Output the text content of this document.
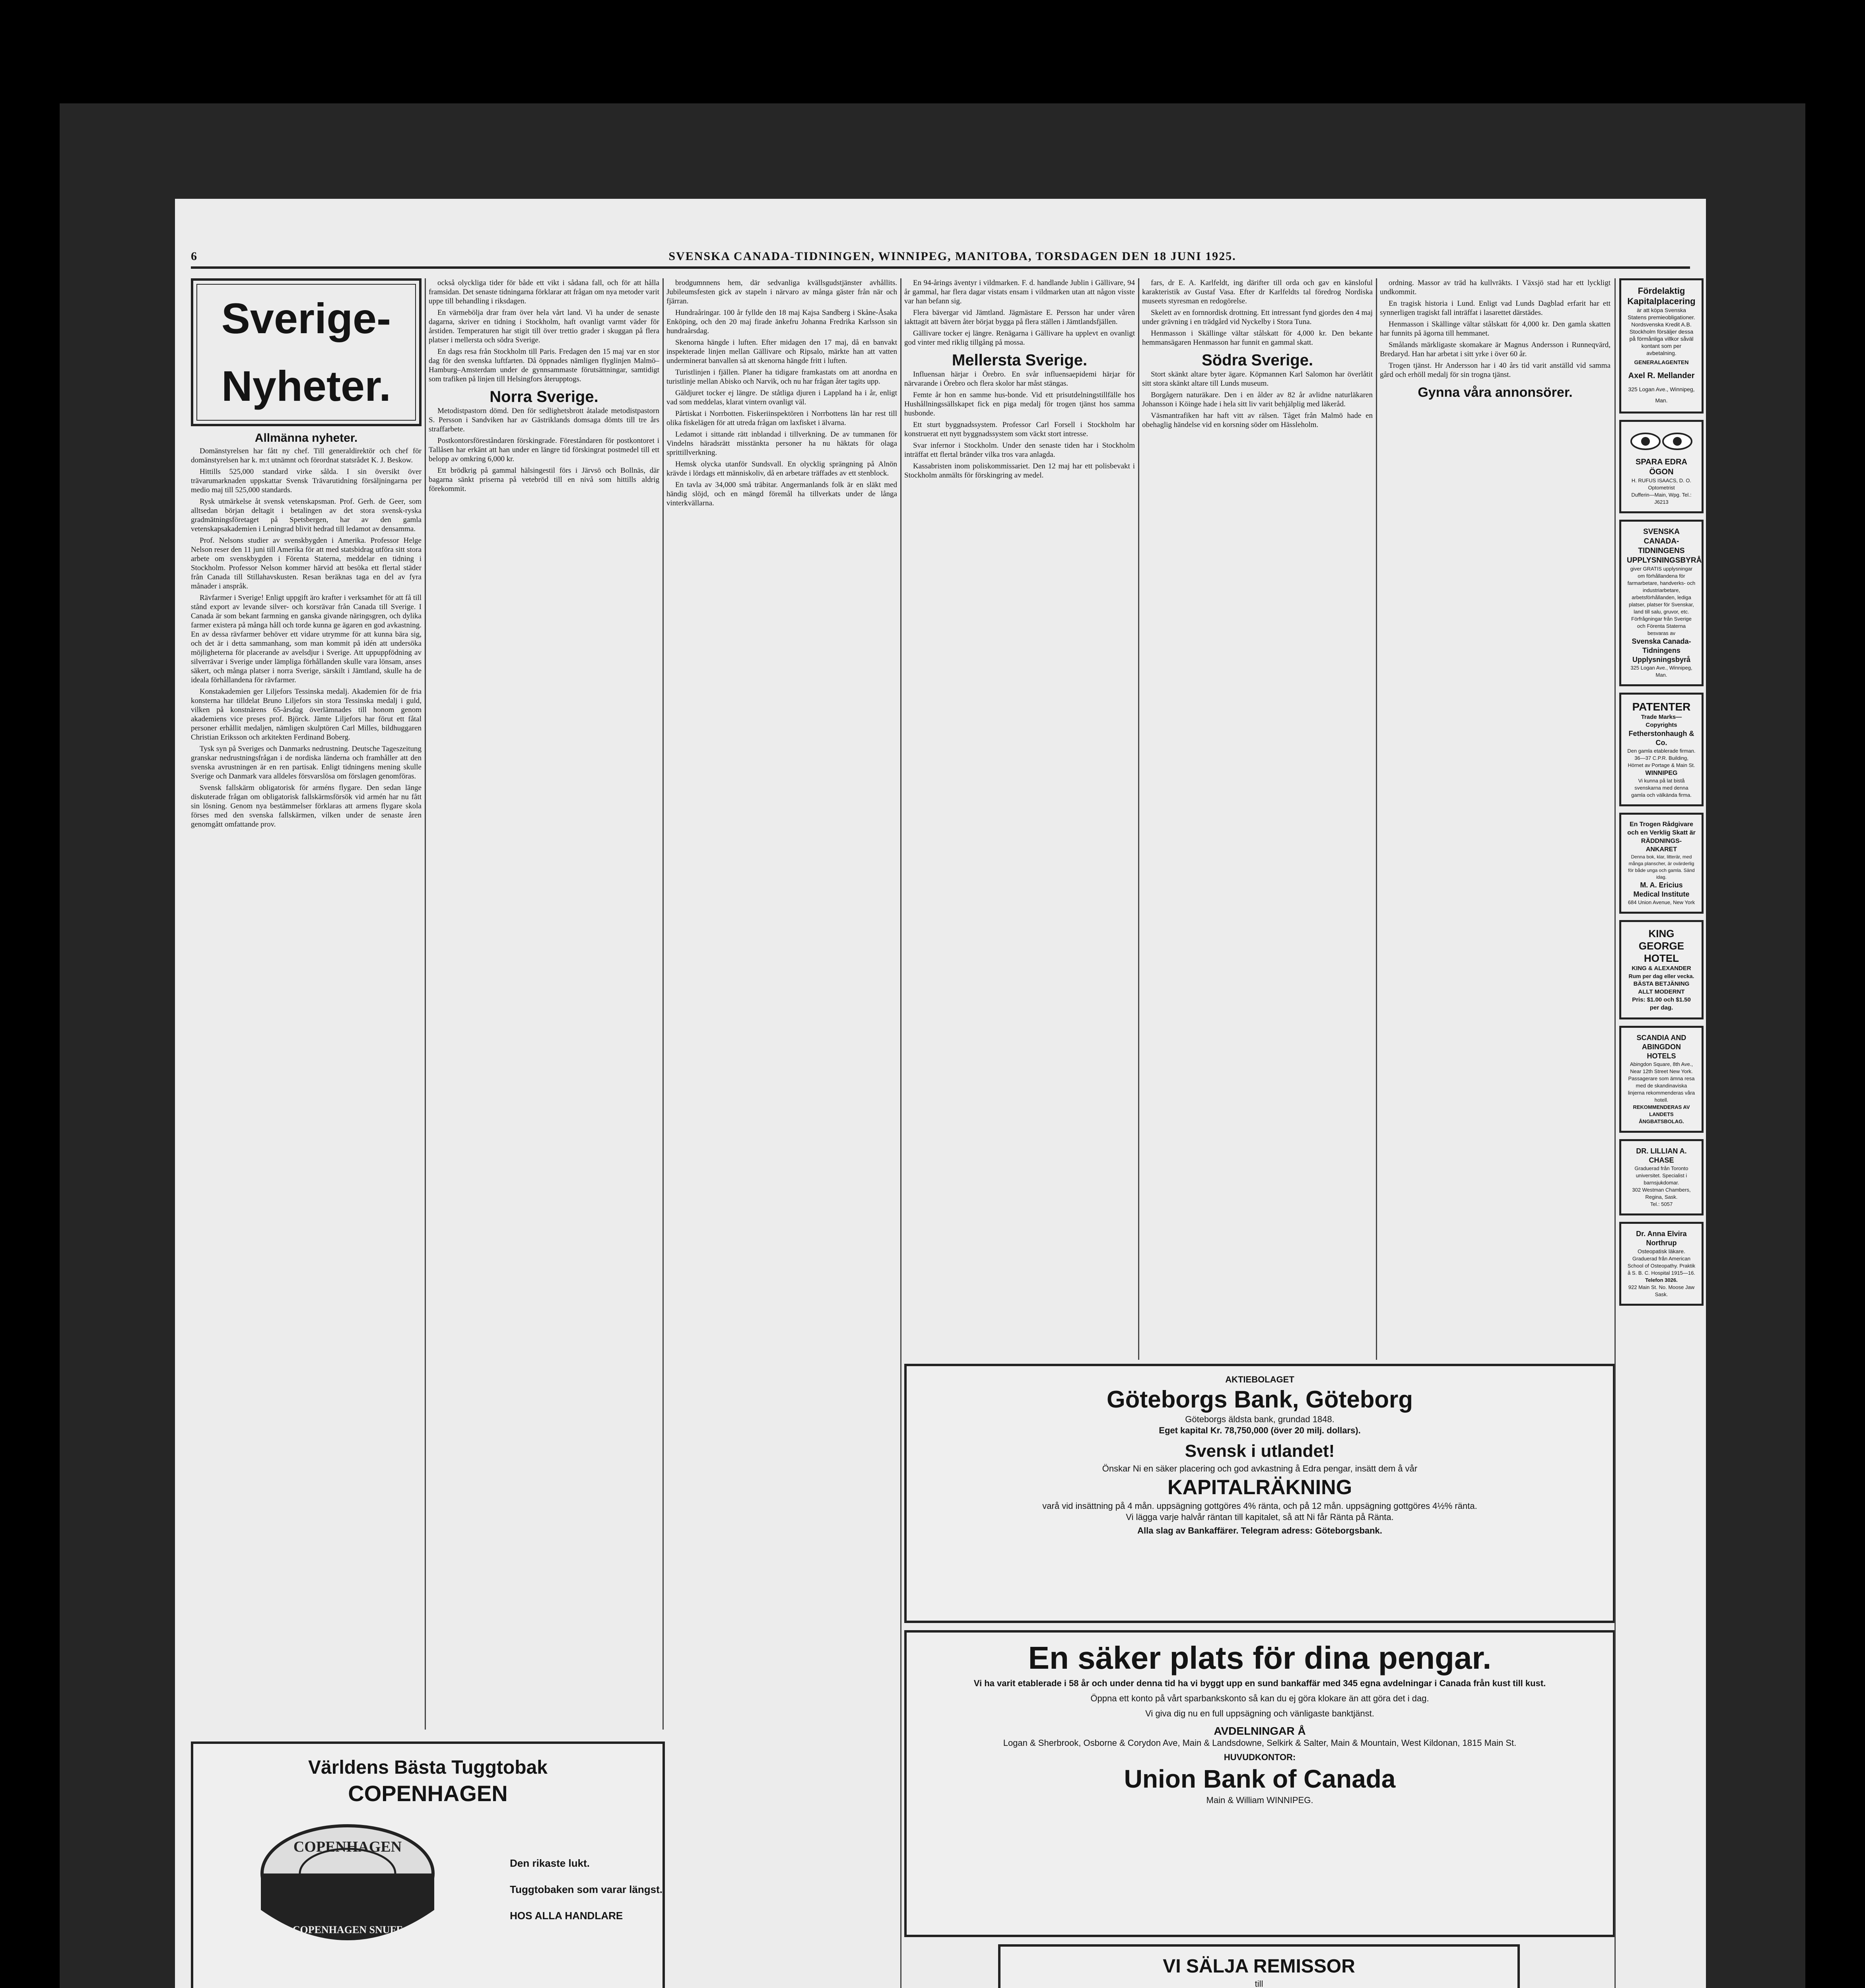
6	SVENSKA CANADA-TIDNINGEN, WINNIPEG, MANITOBA, TORSDAGEN DEN 18 JUNI 1925.
Sverige-Nyheter.
Allmänna nyheter.

Domänstyrelsen har fått ny chef. Till generaldirektör och chef för domänstyrelsen har k. m:t utnämnt och förordnat statsrådet K. J. Beskow.

Hittills 525,000 standard virke sålda. I sin översikt över trävarumarknaden uppskattar Svensk Trävarutidning försäljningarna per medio maj till 525,000 standards.

Rysk utmärkelse åt svensk vetenskapsman. Prof. Gerh. de Geer, som alltsedan början deltagit i betalingen av det stora svensk-ryska gradmätningsföretaget på Spetsbergen, har av den gamla vetenskapsakademien i Leningrad blivit hedrad till ledamot av densamma.

Prof. Nelsons studier av svenskbygden i Amerika. Professor Helge Nelson reser den 11 juni till Amerika för att med statsbidrag utföra sitt stora arbete om svenskbygden i Förenta Staterna, meddelar en tidning i Stockholm. Professor Nelson kommer härvid att besöka ett flertal städer från Canada till Stillahavskusten. Resan beräknas taga en del av fyra månader i anspråk.

Rävfarmer i Sverige! Enligt uppgift äro krafter i verksamhet för att få till stånd export av levande silver- och korsrävar från Canada till Sverige. I Canada är som bekant farmning en ganska givande näringsgren, och dylika farmer existera på många håll och torde kunna ge ägaren en god avkastning. En av dessa rävfarmer behöver ett vidare utrymme för att kunna bära sig, och det är i detta sammanhang, som man kommit på idén att undersöka möjligheterna för placerande av avelsdjur i Sverige. Att uppuppfödning av silverrävar i Sverige under lämpliga förhållanden skulle vara lönsam, anses säkert, och många platser i norra Sverige, särskilt i Jämtland, skulle ha de ideala förhållandena för rävfarmer.

Konstakademien ger Liljefors Tessinska medalj. Akademien för de fria konsterna har tilldelat Bruno Liljefors sin stora Tessinska medalj i guld, vilken på konstnärens 65-årsdag överlämnades till honom genom akademiens vice preses prof. Björck. Jämte Liljefors har förut ett fåtal personer erhållit medaljen, nämligen skulptören Carl Milles, bildhuggaren Christian Eriksson och arkitekten Ferdinand Boberg.

Tysk syn på Sveriges och Danmarks nedrustning. Deutsche Tageszeitung granskar nedrustningsfrågan i de nordiska länderna och framhåller att den svenska avrustningen är en ren partisak. Enligt tidningens mening skulle Sverige och Danmark vara alldeles försvarslösa om förslagen genomföras.

Svensk fallskärm obligatorisk för arméns flygare. Den sedan länge diskuterade frågan om obligatorisk fallskärmsförsök vid armén har nu fått sin lösning. Genom nya bestämmelser förklaras att armens flygare skola förses med den svenska fallskärmen, vilken under de senaste åren genomgått omfattande prov.

också olyckliga tider för både ett vikt i sådana fall, och för att hålla framsidan. Det senaste tidningarna förklarar att frågan om nya metoder varit uppe till behandling i riksdagen.

En värmebölja drar fram över hela vårt land. Vi ha under de senaste dagarna, skriver en tidning i Stockholm, haft ovanligt varmt väder för årstiden. Temperaturen har stigit till över trettio grader i skuggan på flera platser i mellersta och södra Sverige.

En dags resa från Stockholm till Paris. Fredagen den 15 maj var en stor dag för den svenska luftfarten. Då öppnades nämligen flyglinjen Malmö–Hamburg–Amsterdam under de gynnsammaste förutsättningar, samtidigt som trafiken på linjen till Helsingfors återupptogs.

Norra Sverige.

Metodistpastorn dömd. Den för sedlighetsbrott åtalade metodistpastorn S. Persson i Sandviken har av Gästriklands domsaga dömts till tre års straffarbete.

Postkontorsföreståndaren förskingrade. Föreståndaren för postkontoret i Tallåsen har erkänt att han under en längre tid förskingrat postmedel till ett belopp av omkring 6,000 kr.

Ett brödkrig på gammal hälsingestil förs i Järvsö och Bollnäs, där bagarna sänkt priserna på vetebröd till en nivå som hittills aldrig förekommit.

Världens Bästa Tuggtobak
COPENHAGEN
COPENHAGEN
SNUFF
COPENHAGEN SNUFF
Den rikaste lukt.
Tuggtobaken som varar längst.
HOS ALLA HANDLARE

brodgumnnens hem, där sedvanliga kvällsgudstjänster avhållits. Jubileumsfesten gick av stapeln i närvaro av många gäster från när och fjärran.

Hundraåringar. 100 år fyllde den 18 maj Kajsa Sandberg i Skåne-Åsaka Enköping, och den 20 maj firade änkefru Johanna Fredrika Karlsson sin hundraårsdag.

Skenorna hängde i luften. Efter midagen den 17 maj, då en banvakt inspekterade linjen mellan Gällivare och Ripsalo, märkte han att vatten underminerat banvallen så att skenorna hängde fritt i luften.

Turistlinjen i fjällen. Planer ha tidigare framkastats om att anordna en turistlinje mellan Abisko och Narvik, och nu har frågan åter tagits upp.

Gäldjuret tocker ej längre. De ståtliga djuren i Lappland ha i år, enligt vad som meddelas, klarat vintern ovanligt väl.

Pårtiskat i Norrbotten. Fiskeriinspektören i Norrbottens län har rest till olika fiskelägen för att utreda frågan om laxfisket i älvarna.

Ledamot i sittande rätt inblandad i tillverkning. De av tummanen för Vindelns häradsrätt misstänkta personer ha nu häktats för olaga sprittillverkning.

Hemsk olycka utanför Sundsvall. En olycklig sprängning på Alnön krävde i lördags ett människoliv, då en arbetare träffades av ett stenblock.

En tavla av 34,000 små träbitar. Angermanlands folk är en släkt med händig slöjd, och en mängd föremål ha tillverkats under de långa vinterkvällarna.

En 94-årings äventyr i vildmarken. F. d. handlande Jublin i Gällivare, 94 år gammal, har flera dagar vistats ensam i vildmarken utan att någon visste var han befann sig.

Flera bävergar vid Jämtland. Jägmästare E. Persson har under våren iakttagit att bävern åter börjat bygga på flera ställen i Jämtlandsfjällen.

Gällivare tocker ej längre. Renägarna i Gällivare ha upplevt en ovanligt god vinter med riklig tillgång på mossa.

Mellersta Sverige.

Influensan härjar i Örebro. En svår influensaepidemi härjar för närvarande i Örebro och flera skolor har måst stängas.

Femte år hon en samme hus-bonde. Vid ett prisutdelningstillfälle hos Hushållningssällskapet fick en piga medalj för trogen tjänst hos samma husbonde.

Ett sturt byggnadssystem. Professor Carl Forsell i Stockholm har konstruerat ett nytt byggnadssystem som väckt stort intresse.

Svar infernor i Stockholm. Under den senaste tiden har i Stockholm inträffat ett flertal bränder vilka tros vara anlagda.

Kassabristen inom poliskommissariet. Den 12 maj har ett polisbevakt i Stockholm anmälts för förskingring av medel.

fars, dr E. A. Karlfeldt, ing därifter till orda och gav en känsloful karakteristik av Gustaf Vasa. Efter dr Karlfeldts tal föredrog Nordiska museets styresman en redogörelse.

Skelett av en fornnordisk drottning. Ett intressant fynd gjordes den 4 maj under grävning i en trädgård vid Nyckelby i Stora Tuna.

Henmasson i Skällinge vältar stålskatt för 4,000 kr. Den bekante hemmansägaren Henmasson har funnit en gammal skatt.

Södra Sverige.

Stort skänkt altare byter ägare. Köpmannen Karl Salomon har överlåtit sitt stora skänkt altare till Lunds museum.

Borgågern naturäkare. Den i en ålder av 82 år avlidne naturläkaren Johansson i Köinge hade i hela sitt liv varit behjälplig med läkeråd.

Väsmantrafiken har haft vitt av rälsen. Tåget från Malmö hade en obehaglig händelse vid en korsning söder om Hässleholm.

ordning. Massor av träd ha kullvräkts. I Växsjö stad har ett lyckligt undkommit.

En tragisk historia i Lund. Enligt vad Lunds Dagblad erfarit har ett synnerligen tragiskt fall inträffat i lasarettet därstädes.

Henmasson i Skällinge vältar stålskatt för 4,000 kr. Den gamla skatten har funnits på ägorna till hemmanet.

Smålands märkligaste skomakare är Magnus Andersson i Runneqvärd, Bredaryd. Han har arbetat i sitt yrke i över 60 år.

Trogen tjänst. Hr Andersson har i 40 års tid varit anställd vid samma gård och erhöll medalj för sin trogna tjänst.

Gynna våra annonsörer.
AKTIEBOLAGET
Göteborgs Bank, Göteborg
Göteborgs äldsta bank, grundad 1848.
Eget kapital Kr. 78,750,000 (över 20 milj. dollars).
Svensk i utlandet!
Önskar Ni en säker placering och god avkastning å Edra pengar, insätt dem å vår
KAPITALRÄKNING
varå vid insättning på 4 mån. uppsägning gottgöres 4% ränta, och på 12 mån. uppsägning gottgöres 4½% ränta.
Vi lägga varje halvår räntan till kapitalet, så att Ni får Ränta på Ränta.
Alla slag av Bankaffärer. Telegram adress: Göteborgsbank.
En säker plats för dina pengar.
Vi ha varit etablerade i 58 år och under denna tid ha vi byggt upp en sund bankaffär med 345 egna avdelningar i Canada från kust till kust.
Öppna ett konto på vårt sparbankskonto så kan du ej göra klokare än att göra det i dag.
Vi giva dig nu en full uppsägning och vänligaste banktjänst.
AVDELNINGAR Å
Logan & Sherbrook, Osborne & Corydon Ave, Main & Landsdowne, Selkirk & Salter, Main & Mountain, West Kildonan, 1815 Main St.
HUVUDKONTOR:
Union Bank of Canada
Main & William WINNIPEG.
VI SÄLJA REMISSOR
till
Fördelaktig Kapitalplacering
är att köpa Svenska Statens premieobligationer. Nordsvenska Kredit A.B. Stockholm försäljer dessa på förmånliga villkor såväl kontant som per avbetalning.
GENERALAGENTEN
Axel R. Mellander
325 Logan Ave., Winnipeg, Man.
SPARA EDRA ÖGON
H. RUFUS ISAACS, D. O. Optometrist
Dufferin—Main, Wpg. Tel.: J6213
SVENSKA CANADA-TIDNINGENS UPPLYSNINGSBYRÅ
giver GRATIS upplysningar om förhållandena för farmarbetare, handverks- och industriarbetare, arbetsförhållanden, lediga platser, platser för Svenskar, land till salu, gruvor, etc.
Förfrågningar från Sverige och Förenta Staterna besvaras av
Svenska Canada-Tidningens Upplysningsbyrå
325 Logan Ave., Winnipeg, Man.
PATENTER
Trade Marks—Copyrights
Fetherstonhaugh & Co.
Den gamla etablerade firman. 36—37 C.P.R. Building, Hörnet av Portage & Main St.
WINNIPEG
Vi kunna på lat bistå svenskarna med denna gamla och välkända firma.
En Trogen Rådgivare och en Verklig Skatt är RÄDDNINGS-ANKARET
Denna bok, klar, litterär, med många planscher, är ovärderlig för både unga och gamla. Sänd idag.
M. A. Ericius Medical Institute
684 Union Avenue, New York
KING GEORGE HOTEL
KING & ALEXANDER
Rum per dag eller vecka.
BÄSTA BETJÄNING
ALLT MODERNT
Pris: $1.00 och $1.50 per dag.
SCANDIA AND ABINGDON HOTELS
Abingdon Square, 8th Ave., Near 12th Street New York.
Passagerare som ämna resa med de skandinaviska linjerna rekommenderas våra hotell.
REKOMMENDERAS AV LANDETS ÅNGBATSBOLAG.
DR. LILLIAN A. CHASE
Graduerad från Toronto universitet. Specialist i barnsjukdomar.
302 Westman Chambers, Regina, Sask.
Tel.: 5057
Dr. Anna Elvira Northrup
Osteopatisk läkare.
Graduerad från American School of Osteopathy. Praktik å S. B. C. Hospital 1915—16.
Telefon 3026.
922 Main St. No. Moose Jaw Sask.
